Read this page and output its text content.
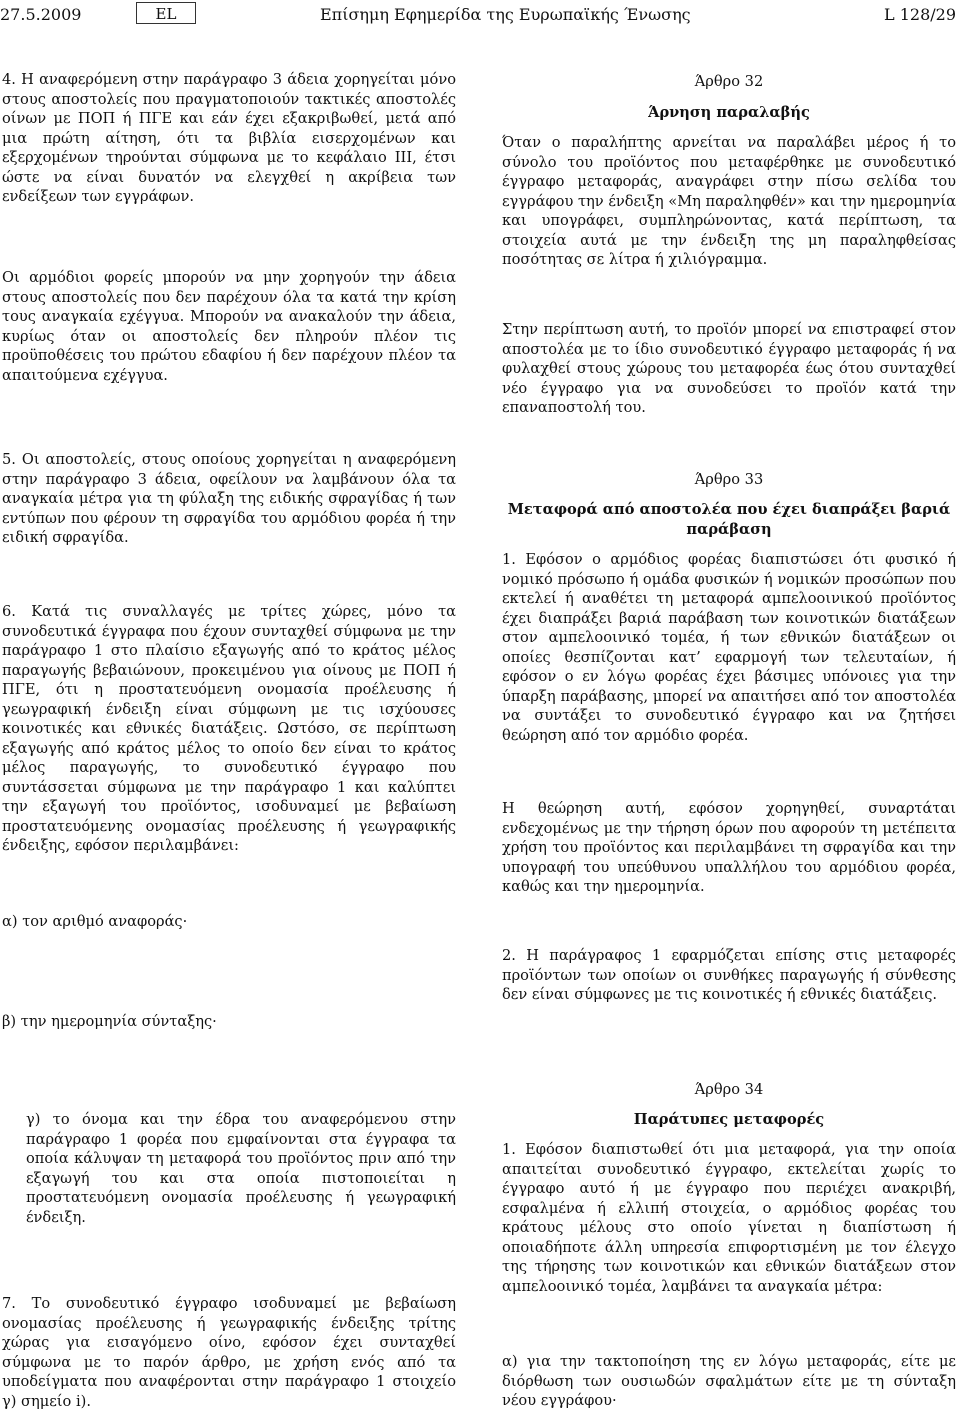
27.5.2009	EL	Επίσημη Εφημερίδα της Ευρωπαϊκής Ένωσης	L 128/29

4. Η αναφερόμενη στην παράγραφο 3 άδεια χορηγείται μόνο στους αποστολείς που πραγματοποιούν τακτικές αποστολές οίνων με ΠΟΠ ή ΠΓΕ και εάν έχει εξακριβωθεί, μετά από μια πρώτη αίτηση, ότι τα βιβλία εισερχομένων και εξερχομένων τηρούνται σύμφωνα με το κεφάλαιο ΙΙΙ, έτσι ώστε να είναι δυνατόν να ελεγχθεί η ακρίβεια των ενδείξεων των εγγράφων.

Οι αρμόδιοι φορείς μπορούν να μην χορηγούν την άδεια στους αποστολείς που δεν παρέχουν όλα τα κατά την κρίση τους αναγκαία εχέγγυα. Μπορούν να ανακαλούν την άδεια, κυρίως όταν οι αποστολείς δεν πληρούν πλέον τις προϋποθέσεις του πρώτου εδαφίου ή δεν παρέχουν πλέον τα απαιτούμενα εχέγγυα.

5. Οι αποστολείς, στους οποίους χορηγείται η αναφερόμενη στην παράγραφο 3 άδεια, οφείλουν να λαμβάνουν όλα τα αναγκαία μέτρα για τη φύλαξη της ειδικής σφραγίδας ή των εντύπων που φέρουν τη σφραγίδα του αρμόδιου φορέα ή την ειδική σφραγίδα.

6. Κατά τις συναλλαγές με τρίτες χώρες, μόνο τα συνοδευτικά έγγραφα που έχουν συνταχθεί σύμφωνα με την παράγραφο 1 στο πλαίσιο εξαγωγής από το κράτος μέλος παραγωγής βεβαιώνουν, προκειμένου για οίνους με ΠΟΠ ή ΠΓΕ, ότι η προστατευόμενη ονομασία προέλευσης ή γεωγραφική ένδειξη είναι σύμφωνη με τις ισχύουσες κοινοτικές και εθνικές διατάξεις. Ωστόσο, σε περίπτωση εξαγωγής από κράτος μέλος το οποίο δεν είναι το κράτος μέλος παραγωγής, το συνοδευτικό έγγραφο που συντάσσεται σύμφωνα με την παράγραφο 1 και καλύπτει την εξαγωγή του προϊόντος, ισοδυναμεί με βεβαίωση προστατευόμενης ονομασίας προέλευσης ή γεωγραφικής ένδειξης, εφόσον περιλαμβάνει:

α) τον αριθμό αναφοράς·

β) την ημερομηνία σύνταξης·

γ) το όνομα και την έδρα του αναφερόμενου στην παράγραφο 1 φορέα που εμφαίνονται στα έγγραφα τα οποία κάλυψαν τη μεταφορά του προϊόντος πριν από την εξαγωγή του και στα οποία πιστοποιείται η προστατευόμενη ονομασία προέλευσης ή γεωγραφική ένδειξη.

7. Το συνοδευτικό έγγραφο ισοδυναμεί με βεβαίωση ονομασίας προέλευσης ή γεωγραφικής ένδειξης τρίτης χώρας για εισαγόμενο οίνο, εφόσον έχει συνταχθεί σύμφωνα με το παρόν άρθρο, με χρήση ενός από τα υποδείγματα που αναφέρονται στην παράγραφο 1 στοιχείο γ) σημείο i).

Άρθρο 32

Άρνηση παραλαβής

Όταν ο παραλήπτης αρνείται να παραλάβει μέρος ή το σύνολο του προϊόντος που μεταφέρθηκε με συνοδευτικό έγγραφο μεταφοράς, αναγράφει στην πίσω σελίδα του εγγράφου την ένδειξη «Μη παραληφθέν» και την ημερομηνία και υπογράφει, συμπληρώνοντας, κατά περίπτωση, τα στοιχεία αυτά με την ένδειξη της μη παραληφθείσας ποσότητας σε λίτρα ή χιλιόγραμμα.

Στην περίπτωση αυτή, το προϊόν μπορεί να επιστραφεί στον αποστολέα με το ίδιο συνοδευτικό έγγραφο μεταφοράς ή να φυλαχθεί στους χώρους του μεταφορέα έως ότου συνταχθεί νέο έγγραφο για να συνοδεύσει το προϊόν κατά την επαναποστολή του.

Άρθρο 33

Μεταφορά από αποστολέα που έχει διαπράξει βαριά παράβαση

1. Εφόσον ο αρμόδιος φορέας διαπιστώσει ότι φυσικό ή νομικό πρόσωπο ή ομάδα φυσικών ή νομικών προσώπων που εκτελεί ή αναθέτει τη μεταφορά αμπελοοινικού προϊόντος έχει διαπράξει βαριά παράβαση των κοινοτικών διατάξεων στον αμπελοοινικό τομέα, ή των εθνικών διατάξεων οι οποίες θεσπίζονται κατ’ εφαρμογή των τελευταίων, ή εφόσον ο εν λόγω φορέας έχει βάσιμες υπόνοιες για την ύπαρξη παράβασης, μπορεί να απαιτήσει από τον αποστολέα να συντάξει το συνοδευτικό έγγραφο και να ζητήσει θεώρηση από τον αρμόδιο φορέα.

Η θεώρηση αυτή, εφόσον χορηγηθεί, συναρτάται ενδεχομένως με την τήρηση όρων που αφορούν τη μετέπειτα χρήση του προϊόντος και περιλαμβάνει τη σφραγίδα και την υπογραφή του υπεύθυνου υπαλλήλου του αρμόδιου φορέα, καθώς και την ημερομηνία.

2. Η παράγραφος 1 εφαρμόζεται επίσης στις μεταφορές προϊόντων των οποίων οι συνθήκες παραγωγής ή σύνθεσης δεν είναι σύμφωνες με τις κοινοτικές ή εθνικές διατάξεις.

Άρθρο 34

Παράτυπες μεταφορές

1. Εφόσον διαπιστωθεί ότι μια μεταφορά, για την οποία απαιτείται συνοδευτικό έγγραφο, εκτελείται χωρίς το έγγραφο αυτό ή με έγγραφο που περιέχει ανακριβή, εσφαλμένα ή ελλιπή στοιχεία, ο αρμόδιος φορέας του κράτους μέλους στο οποίο γίνεται η διαπίστωση ή οποιαδήποτε άλλη υπηρεσία επιφορτισμένη με τον έλεγχο της τήρησης των κοινοτικών και εθνικών διατάξεων στον αμπελοοινικό τομέα, λαμβάνει τα αναγκαία μέτρα:

α) για την τακτοποίηση της εν λόγω μεταφοράς, είτε με διόρθωση των ουσιωδών σφαλμάτων είτε με τη σύνταξη νέου εγγράφου·
